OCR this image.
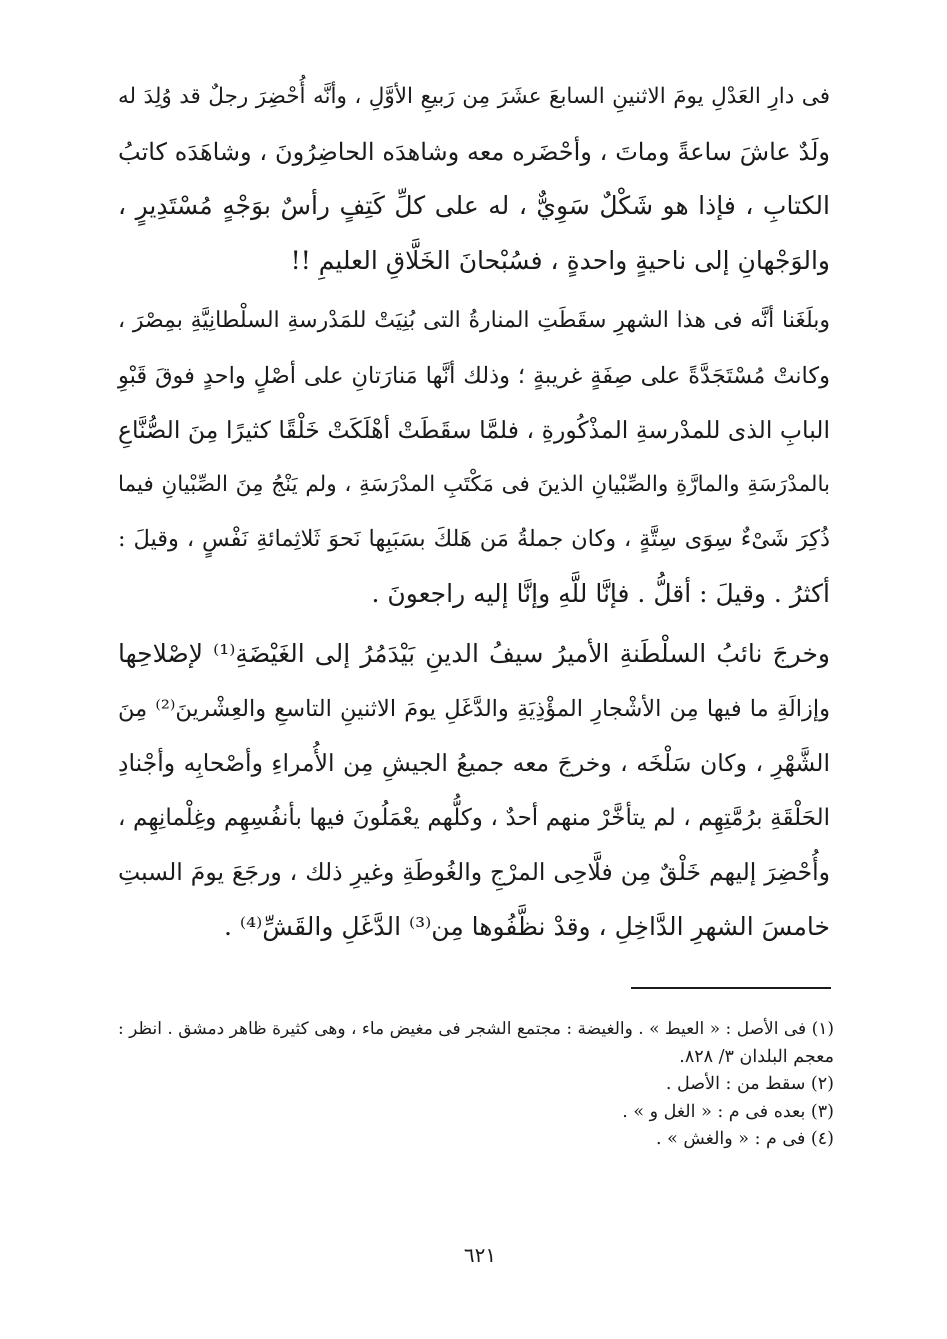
فى دارِ العَدْلِ يومَ الاثنينِ السابعَ عشَرَ مِن رَبيعِ الأوَّلِ ، وأنَّه أُحْضِرَ رجلٌ قد وُلِدَ له
ولَدٌ عاشَ ساعةً وماتَ ، وأحْضَره معه وشاهدَه الحاضِرُونَ ، وشاهَدَه كاتبُ
الكتابِ ، فإذا هو شَكْلٌ سَوِيٌّ ، له على كلِّ كَتِفٍ رأسٌ بوَجْهٍ مُسْتَدِيرٍ ،
والوَجْهانِ إلى ناحيةٍ واحدةٍ ، فسُبْحانَ الخَلَّاقِ العليمِ !!
وبلَغَنا أنَّه فى هذا الشهرِ سقَطَتِ المنارةُ التى بُنِيَتْ للمَدْرسةِ السلْطانِيَّةِ بمِصْرَ ،
وكانتْ مُسْتَجَدَّةً على صِفَةٍ غريبةٍ ؛ وذلك أنَّها مَنارَتانِ على أصْلٍ واحدٍ فوقَ قَبْوِ
البابِ الذى للمدْرسةِ المذْكُورةِ ، فلمَّا سقَطَتْ أهْلَكَتْ خَلْقًا كثيرًا مِنَ الصُّنَّاعِ
بالمدْرَسَةِ والمارَّةِ والصِّبْيانِ الذينَ فى مَكْتَبِ المدْرَسَةِ ، ولم يَنْجُ مِنَ الصِّبْيانِ فيما
ذُكِرَ شَىْءٌ سِوَى سِتَّةٍ ، وكان جملةُ مَن هَلكَ بسَبَبِها نَحوَ ثَلاثِمائةِ نَفْسٍ ، وقيلَ :
أكثرُ . وقيلَ : أقلُّ . فإنَّا للَّهِ وإنَّا إليه راجعونَ .
وخرجَ نائبُ السلْطَنةِ الأميرُ سيفُ الدينِ بَيْدَمُرُ إلى الغَيْضَةِ⁽¹⁾ لإصْلاحِها
وإزالَةِ ما فيها مِن الأشْجارِ المؤْذِيَةِ والدَّغَلِ يومَ الاثنينِ التاسعِ والعِشْرينَ⁽²⁾ مِنَ
الشَّهْرِ ، وكان سَلْخَه ، وخرجَ معه جميعُ الجيشِ مِن الأُمراءِ وأصْحابِه وأجْنادِ
الحَلْقَةِ برُمَّتِهِم ، لم يتأخَّرْ منهم أحدٌ ، وكلُّهم يعْمَلُونَ فيها بأنفُسِهِم وغِلْمانِهِم ،
وأُحْضِرَ إليهم خَلْقٌ مِن فلَّاحِى المرْجِ والغُوطَةِ وغيرِ ذلك ، ورجَعَ يومَ السبتِ
خامسَ الشهرِ الدَّاخِلِ ، وقدْ نظَّفُوها مِن⁽³⁾ الدَّغَلِ والقَشِّ⁽⁴⁾ .
(١) فى الأصل : « العيط » . والغيضة : مجتمع الشجر فى مغيض ماء ، وهى كثيرة ظاهر دمشق . انظر :
معجم البلدان ٣/ ٨٢٨.
(٢) سقط من : الأصل .
(٣) بعده فى م : « الغل و » .
(٤) فى م : « والغش » .
٦٢١
